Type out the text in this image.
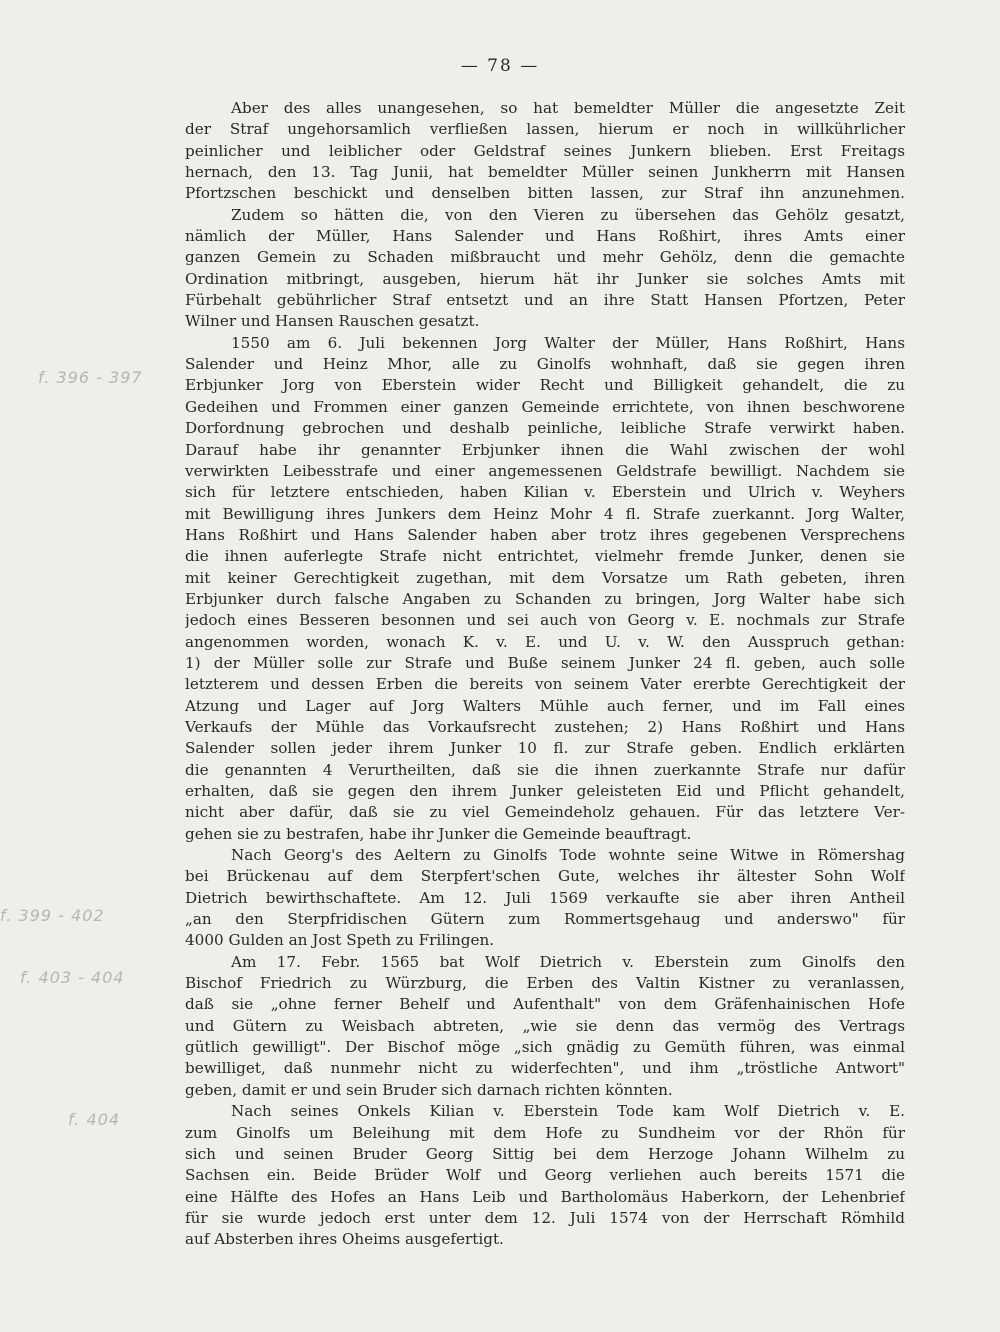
— 78 —
f. 396 - 397
f. 399 - 402
f. 403 - 404
f. 404
Aber des alles unangesehen, so hat bemeldter Müller die angesetzte Zeit
der Straf ungehorsamlich verfließen lassen, hierum er noch in willkührlicher
peinlicher und leiblicher oder Geldstraf seines Junkern blieben. Erst Freitags
hernach, den 13. Tag Junii, hat bemeldter Müller seinen Junkherrn mit Hansen
Pfortzschen beschickt und denselben bitten lassen, zur Straf ihn anzunehmen.
Zudem so hätten die, von den Vieren zu übersehen das Gehölz gesatzt,
nämlich der Müller, Hans Salender und Hans Roßhirt, ihres Amts einer
ganzen Gemein zu Schaden mißbraucht und mehr Gehölz, denn die gemachte
Ordination mitbringt, ausgeben, hierum hät ihr Junker sie solches Amts mit
Fürbehalt gebührlicher Straf entsetzt und an ihre Statt Hansen Pfortzen, Peter
Wilner und Hansen Rauschen gesatzt.
1550 am 6. Juli bekennen Jorg Walter der Müller, Hans Roßhirt, Hans
Salender und Heinz Mhor, alle zu Ginolfs wohnhaft, daß sie gegen ihren
Erbjunker Jorg von Eberstein wider Recht und Billigkeit gehandelt, die zu
Gedeihen und Frommen einer ganzen Gemeinde errichtete, von ihnen beschworene
Dorfordnung gebrochen und deshalb peinliche, leibliche Strafe verwirkt haben.
Darauf habe ihr genannter Erbjunker ihnen die Wahl zwischen der wohl
verwirkten Leibesstrafe und einer angemessenen Geldstrafe bewilligt. Nachdem sie
sich für letztere entschieden, haben Kilian v. Eberstein und Ulrich v. Weyhers
mit Bewilligung ihres Junkers dem Heinz Mohr 4 fl. Strafe zuerkannt. Jorg Walter,
Hans Roßhirt und Hans Salender haben aber trotz ihres gegebenen Versprechens
die ihnen auferlegte Strafe nicht entrichtet, vielmehr fremde Junker, denen sie
mit keiner Gerechtigkeit zugethan, mit dem Vorsatze um Rath gebeten, ihren
Erbjunker durch falsche Angaben zu Schanden zu bringen, Jorg Walter habe sich
jedoch eines Besseren besonnen und sei auch von Georg v. E. nochmals zur Strafe
angenommen worden, wonach K. v. E. und U. v. W. den Ausspruch gethan:
1) der Müller solle zur Strafe und Buße seinem Junker 24 fl. geben, auch solle
letzterem und dessen Erben die bereits von seinem Vater ererbte Gerechtigkeit der
Atzung und Lager auf Jorg Walters Mühle auch ferner, und im Fall eines
Verkaufs der Mühle das Vorkaufsrecht zustehen; 2) Hans Roßhirt und Hans
Salender sollen jeder ihrem Junker 10 fl. zur Strafe geben. Endlich erklärten
die genannten 4 Verurtheilten, daß sie die ihnen zuerkannte Strafe nur dafür
erhalten, daß sie gegen den ihrem Junker geleisteten Eid und Pflicht gehandelt,
nicht aber dafür, daß sie zu viel Gemeindeholz gehauen. Für das letztere Ver-
gehen sie zu bestrafen, habe ihr Junker die Gemeinde beauftragt.
Nach Georg's des Aeltern zu Ginolfs Tode wohnte seine Witwe in Römershag
bei Brückenau auf dem Sterpfert'schen Gute, welches ihr ältester Sohn Wolf
Dietrich bewirthschaftete. Am 12. Juli 1569 verkaufte sie aber ihren Antheil
„an den Sterpfridischen Gütern zum Rommertsgehaug und anderswo" für
4000 Gulden an Jost Speth zu Frilingen.
Am 17. Febr. 1565 bat Wolf Dietrich v. Eberstein zum Ginolfs den
Bischof Friedrich zu Würzburg, die Erben des Valtin Kistner zu veranlassen,
daß sie „ohne ferner Behelf und Aufenthalt" von dem Gräfenhainischen Hofe
und Gütern zu Weisbach abtreten, „wie sie denn das vermög des Vertrags
gütlich gewilligt". Der Bischof möge „sich gnädig zu Gemüth führen, was einmal
bewilliget, daß nunmehr nicht zu widerfechten", und ihm „tröstliche Antwort"
geben, damit er und sein Bruder sich darnach richten könnten.
Nach seines Onkels Kilian v. Eberstein Tode kam Wolf Dietrich v. E.
zum Ginolfs um Beleihung mit dem Hofe zu Sundheim vor der Rhön für
sich und seinen Bruder Georg Sittig bei dem Herzoge Johann Wilhelm zu
Sachsen ein. Beide Brüder Wolf und Georg verliehen auch bereits 1571 die
eine Hälfte des Hofes an Hans Leib und Bartholomäus Haberkorn, der Lehenbrief
für sie wurde jedoch erst unter dem 12. Juli 1574 von der Herrschaft Römhild
auf Absterben ihres Oheims ausgefertigt.
